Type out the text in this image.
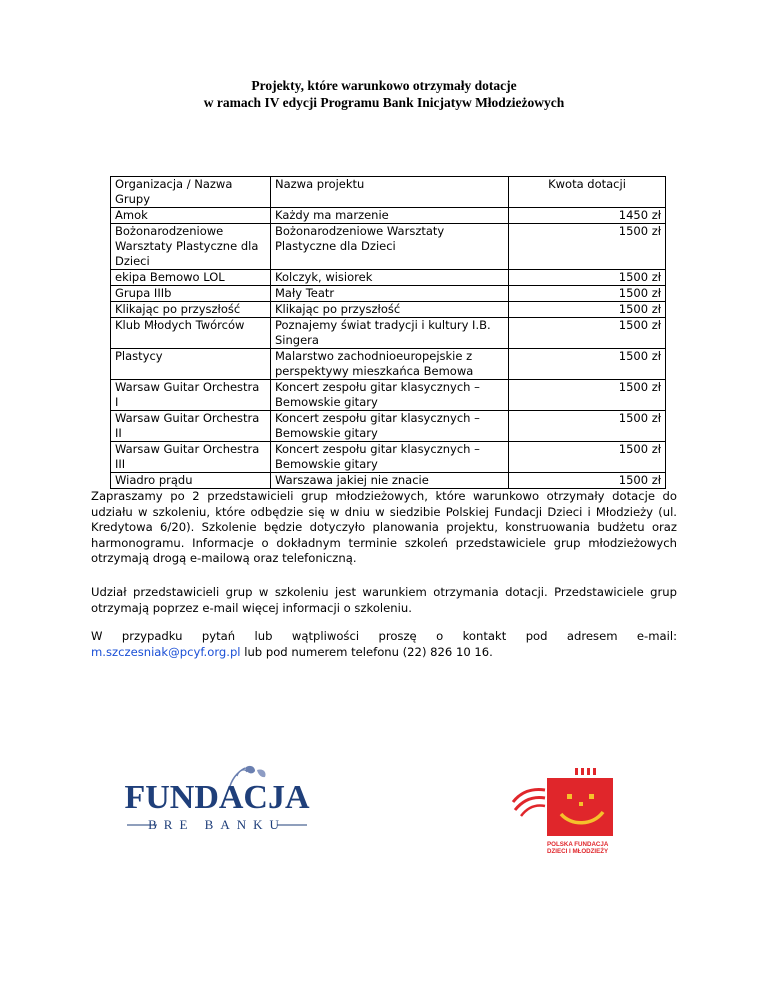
Projekty, które warunkowo otrzymały dotacje
w ramach IV edycji Programu Bank Inicjatyw Młodzieżowych
Organizacja / Nazwa Grupy	Nazwa projektu	Kwota dotacji
Amok	Każdy ma marzenie	1450 zł
Bożonarodzeniowe Warsztaty Plastyczne dla Dzieci	Bożonarodzeniowe Warsztaty Plastyczne dla Dzieci	1500 zł
ekipa Bemowo LOL	Kolczyk, wisiorek	1500 zł
Grupa IIIb	Mały Teatr	1500 zł
Klikając po przyszłość	Klikając po przyszłość	1500 zł
Klub Młodych Twórców	Poznajemy świat tradycji i kultury I.B. Singera	1500 zł
Plastycy	Malarstwo zachodnioeuropejskie z perspektywy mieszkańca Bemowa	1500 zł
Warsaw Guitar Orchestra I	Koncert zespołu gitar klasycznych – Bemowskie gitary	1500 zł
Warsaw Guitar Orchestra II	Koncert zespołu gitar klasycznych – Bemowskie gitary	1500 zł
Warsaw Guitar Orchestra III	Koncert zespołu gitar klasycznych – Bemowskie gitary	1500 zł
Wiadro prądu	Warszawa jakiej nie znacie	1500 zł
Zapraszamy po 2 przedstawicieli grup młodzieżowych, które warunkowo otrzymały dotacje do udziału w szkoleniu, które odbędzie się w dniu w siedzibie Polskiej Fundacji Dzieci i Młodzieży (ul. Kredytowa 6/20). Szkolenie będzie dotyczyło planowania projektu, konstruowania budżetu oraz harmonogramu. Informacje o dokładnym terminie szkoleń przedstawiciele grup młodzieżowych otrzymają drogą e-mailową oraz telefoniczną.
Udział przedstawicieli grup w szkoleniu jest warunkiem otrzymania dotacji. Przedstawiciele grup otrzymają poprzez e-mail więcej informacji o szkoleniu.
W przypadku pytań lub wątpliwości proszę o kontakt pod adresem e-mail:
m.szczesniak@pcyf.org.pl lub pod numerem telefonu (22) 826 10 16.
FUNDACJA
BRE BANKU
POLSKA FUNDACJA
DZIECI I MŁODZIEŻY
